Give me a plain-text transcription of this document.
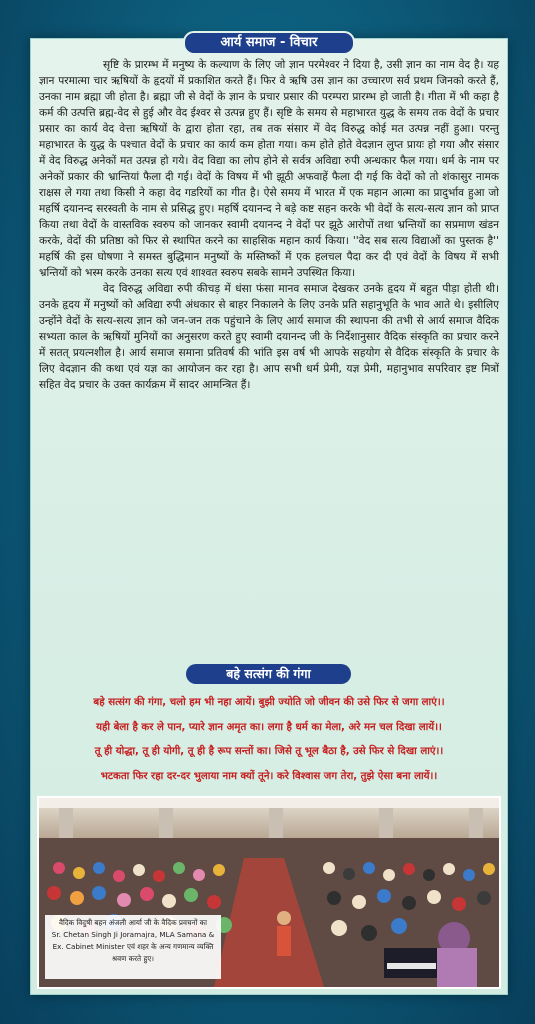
आर्य समाज - विचार

सृष्टि के प्रारम्भ में मनुष्य के कल्याण के लिए जो ज्ञान परमेश्वर ने दिया है, उसी ज्ञान का नाम वेद है। यह ज्ञान परमात्मा चार ऋषियों के हृदयों में प्रकाशित करते हैं। फिर वे ऋषि उस ज्ञान का उच्चारण सर्व प्रथम जिनको करते हैं, उनका नाम ब्रह्मा जी होता है। ब्रह्मा जी से वेदों के ज्ञान के प्रचार प्रसार की परम्परा प्रारम्भ हो जाती है। गीता में भी कहा है कर्म की उत्पत्ति ब्रह्म-वेद से हुई और वेद ईश्वर से उत्पन्न हुए हैं। सृष्टि के समय से महाभारत युद्ध के समय तक वेदों के प्रचार प्रसार का कार्य वेद वेत्ता ऋषियों के द्वारा होता रहा, तब तक संसार में वेद विरुद्ध कोई मत उत्पन्न नहीं हुआ। परन्तु महाभारत के युद्ध के पश्चात वेदों के प्रचार का कार्य कम होता गया। कम होते होते वेदज्ञान लुप्त प्रायः हो गया और संसार में वेद विरुद्ध अनेकों मत उत्पन्न हो गये। वेद विद्या का लोप होने से सर्वत्र अविद्या रुपी अन्धकार फैल गया। धर्म के नाम पर अनेकों प्रकार की भ्रान्तियां फैला दी गई। वेदों के विषय में भी झूठी अफवाहें फैला दी गई कि वेदों को तो शंकासुर नामक राक्षस ले गया तथा किसी ने कहा वेद गडरियों का गीत है। ऐसे समय में भारत में एक महान आत्मा का प्रादुर्भाव हुआ जो महर्षि दयानन्द सरस्वती के नाम से प्रसिद्ध हुए। महर्षि दयानन्द ने बड़े कष्ट सहन करके भी वेदों के सत्य-सत्य ज्ञान को प्राप्त किया तथा वेदों के वास्तविक स्वरुप को जानकर स्वामी दयानन्द ने वेदों पर झूठे आरोपों तथा भ्रन्तियों का सप्रमाण खंडन करके, वेदों की प्रतिष्ठा को फिर से स्थापित करने का साहसिक महान कार्य किया। ''वेद सब सत्य विद्याओं का पुस्तक है'' महर्षि की इस घोषणा ने समस्त बुद्धिमान मनुष्यों के मस्तिष्कों में एक हलचल पैदा कर दी एवं वेदों के विषय में सभी भ्रन्तियों को भस्म करके उनका सत्य एवं शाश्वत स्वरुप सबके सामने उपस्थित किया।

वेद विरुद्ध अविद्या रुपी कीचड़ में धंसा फंसा मानव समाज देखकर उनके हृदय में बहुत पीड़ा होती थी। उनके हृदय में मनुष्यों को अविद्या रुपी अंधकार से बाहर निकालने के लिए उनके प्रति सहानुभूति के भाव आते थे। इसीलिए उन्होंने वेदों के सत्य-सत्य ज्ञान को जन-जन तक पहुंचाने के लिए आर्य समाज की स्थापना की तभी से आर्य समाज वैदिक सभ्यता काल के ऋषियों मुनियों का अनुसरण करते हुए स्वामी दयानन्द जी के निर्देशानुसार वैदिक संस्कृति का प्रचार करने में सतत् प्रयत्नशील है। आर्य समाज समाना प्रतिवर्ष की भांति इस वर्ष भी आपके सहयोग से वैदिक संस्कृति के प्रचार के लिए वेदज्ञान की कथा एवं यज्ञ का आयोजन कर रहा है। आप सभी धर्म प्रेमी, यज्ञ प्रेमी, महानुभाव सपरिवार इष्ट मित्रों सहित वेद प्रचार के उक्त कार्यक्रम में सादर आमन्त्रित हैं।

बहे सत्संग की गंगा
बहे सत्संग की गंगा, चलो हम भी नहा आयें। बुझी ज्योति जो जीवन की उसे फिर से जगा लाएं।।
यही बेला है कर ले पान, प्यारे ज्ञान अमृत का। लगा है धर्म का मेला, अरे मन चल दिखा लायें।।
तू ही योद्धा, तू ही योगी, तू ही है रूप सन्तों का। जिसे तू भूल बैठा है, उसे फिर से दिखा लाएं।।
भटकता फिर रहा दर-दर भुलाया नाम क्यों तूने। करे विश्वास जग तेरा, तुझे ऐसा बना लायें।।
वैदिक विदुषी बहन अंजली आर्या जी के वैदिक प्रवचनों का
Sr. Chetan Singh Ji Joramajra, MLA Samana &
Ex. Cabinet Minister एवं शहर के अन्य गणमान्य व्यक्ति
श्रवण करते हुए।
